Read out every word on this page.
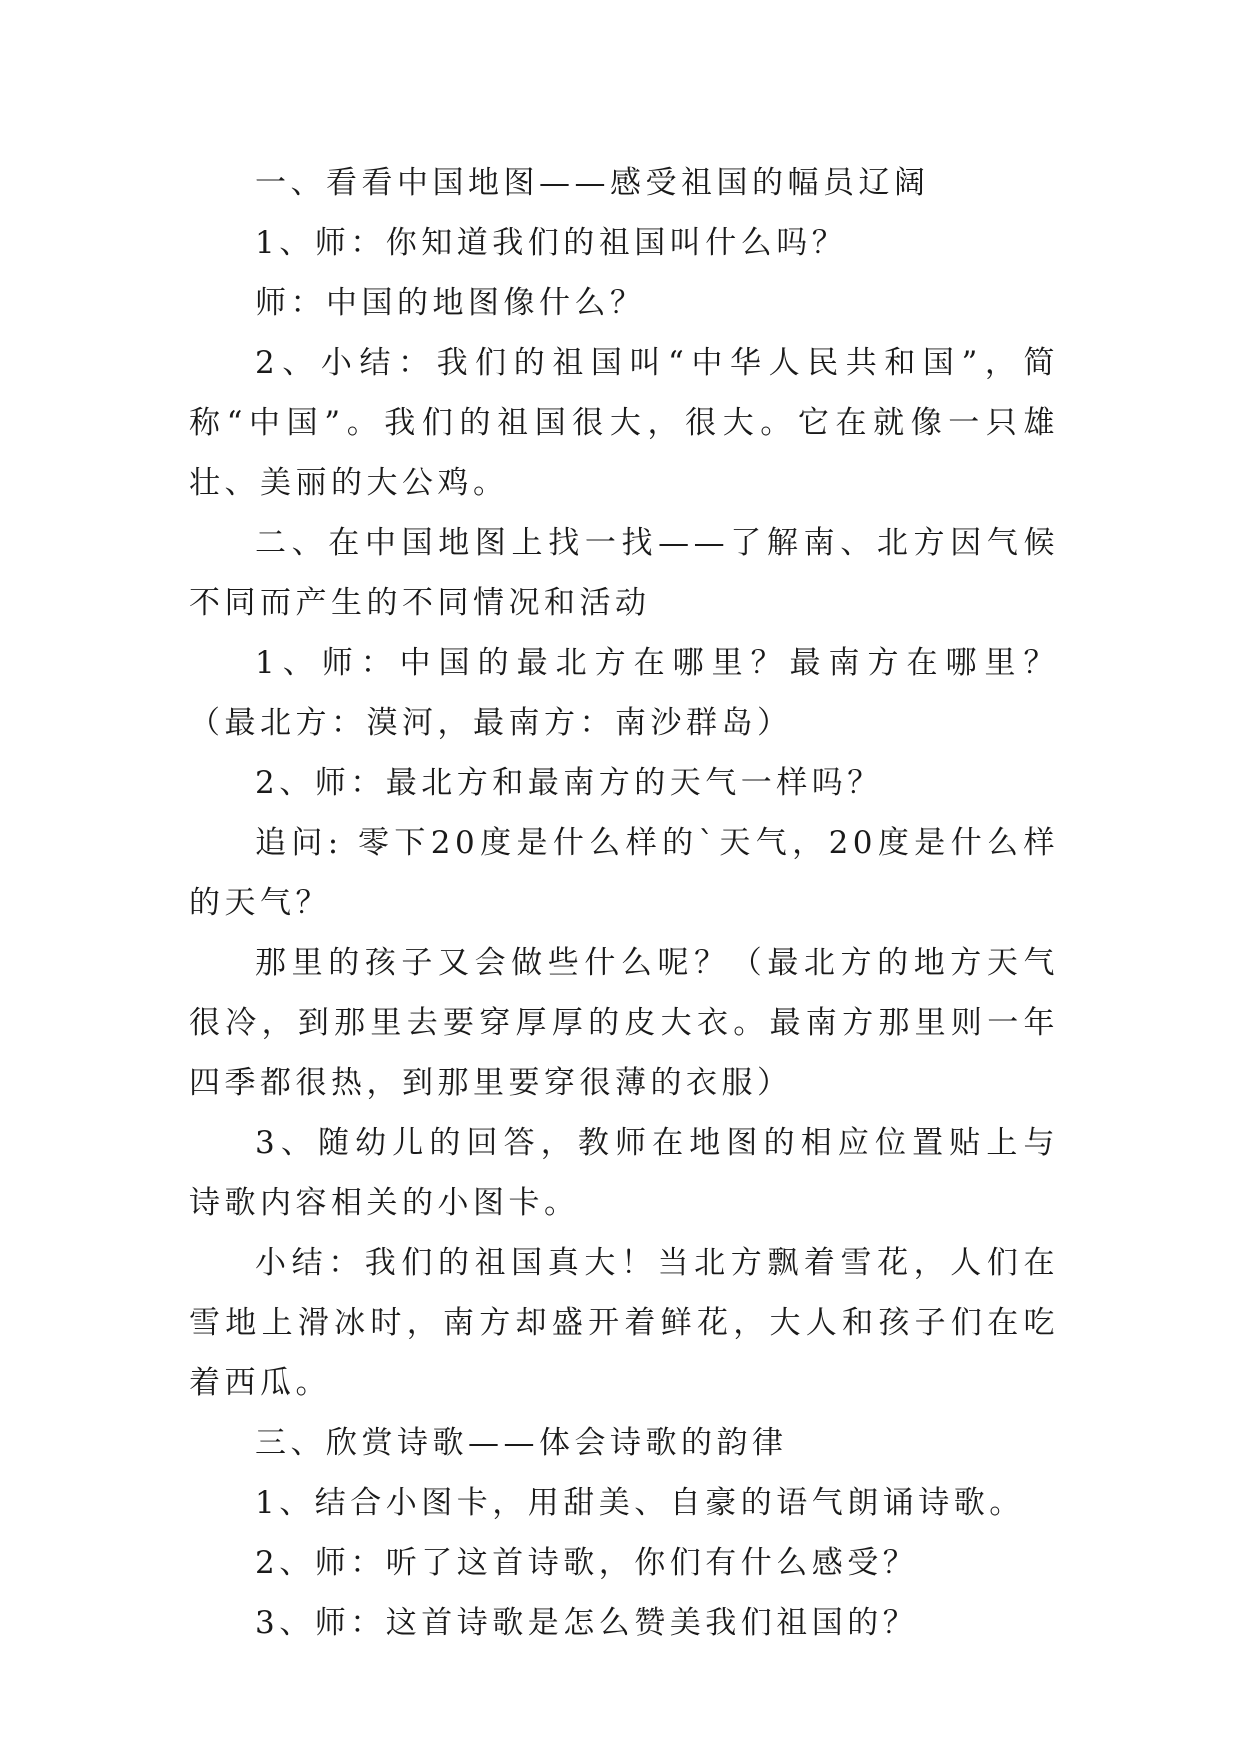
一、看看中国地图——感受祖国的幅员辽阔

1、师：你知道我们的祖国叫什么吗？

师：中国的地图像什么？

2、小结：我们的祖国叫“中华人民共和国”，简称“中国”。我们的祖国很大，很大。它在就像一只雄壮、美丽的大公鸡。

二、在中国地图上找一找——了解南、北方因气候不同而产生的不同情况和活动

1、师：中国的最北方在哪里？最南方在哪里？（最北方：漠河，最南方：南沙群岛）

2、师：最北方和最南方的天气一样吗？

追问: 零下20度是什么样的`天气，20度是什么样的天气？

那里的孩子又会做些什么呢？（最北方的地方天气很冷，到那里去要穿厚厚的皮大衣。最南方那里则一年四季都很热，到那里要穿很薄的衣服）

3、随幼儿的回答，教师在地图的相应位置贴上与诗歌内容相关的小图卡。

小结：我们的祖国真大！当北方飘着雪花，人们在雪地上滑冰时，南方却盛开着鲜花，大人和孩子们在吃着西瓜。

三、欣赏诗歌——体会诗歌的韵律

1、结合小图卡，用甜美、自豪的语气朗诵诗歌。

2、师：听了这首诗歌，你们有什么感受？

3、师：这首诗歌是怎么赞美我们祖国的？
